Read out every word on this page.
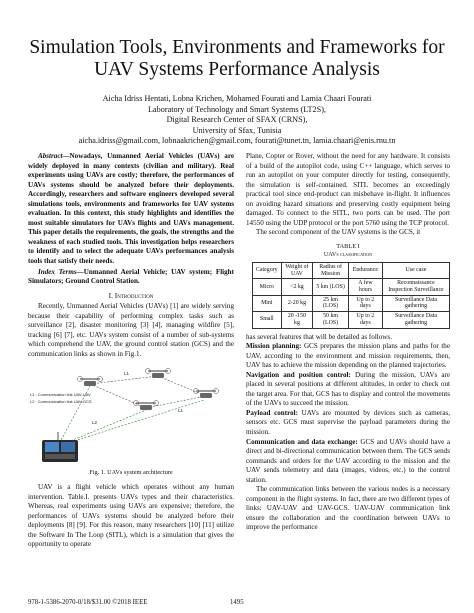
Simulation Tools, Environments and Frameworks for UAV Systems Performance Analysis
Aicha Idriss Hentati, Lobna Krichen, Mohamed Fourati and Lamia Chaari Fourati
Laboratory of Technology and Smart Systems (LT2S),
Digital Research Center of SFAX (CRNS),
University of Sfax, Tunisia
aicha.idriss@gmail.com, lobnaakrichen@gmail.com, fourati@tunet.tn, lamia.chaari@enis.rnu.tn

Abstract—Nowadays, Unmanned Aerial Vehicles (UAVs) are widely deployed in many contexts (civilian and military). Real experiments using UAVs are costly; therefore, the performances of UAVs systems should be analyzed before their deployments. Accordingly, researchers and software engineers developed several simulations tools, environments and frameworks for UAV systems evaluation. In this context, this study highlights and identifies the most suitable simulators for UAVs flights and UAVs management. This paper details the requirements, the goals, the strengths and the weakness of each studied tools. This investigation helps researchers to identify and to select the adequate UAVs performances analysis tools that satisfy their needs.

Index Terms—Unmanned Aerial Vehicle; UAV system; Flight Simulators; Ground Control Station.

I. Introduction

Recently, Unmanned Aerial Vehicles (UAVs) [1] are widely serving because their capability of performing complex tasks such as surveillance [2], disaster monitoring [3] [4], managing wildfire [5], tracking [6] [7], etc. UAVs system consist of a number of sub-systems which comprehend the UAV, the ground control station (GCS) and the communication links as shown in Fig.1.

L1
L1
L2
L1 : Communication link UAV-UAV
L2 : Communication link UAV-GCS

Fig. 1. UAVs system architecture

UAV is a flight vehicle which operates without any human intervention. Table.I. presents UAVs types and their characteristics. Whereas, real experiments using UAVs are expensive; therefore, the performances of UAVs systems should be analyzed before their deployments [8] [9]. For this reason, many researchers [10] [11] utilize the Software In The Loop (SITL), which is a simulation that gives the opportunity to operate

Plane, Copter or Rover, without the need for any hardware. It consists of a build of the autopilot code, using C++ language, which serves to run an autopilot on your computer directly for testing, consequently, the simulation is self-contained. SITL becomes an exceedingly practical tool since end-product can misbehave in-flight. It influences on avoiding hazard situations and preserving costly equipment being damaged. To connect to the SITL, two ports can be used. The port 14550 using the UDP protocol or the port 5760 using the TCP protocol.

The second component of the UAV systems is the GCS, it

TABLE I

UAVs classification

Category	Weight of UAV	Radius of Mission	Endurance	Use case
Micro	<2 kg	5 km (LOS)	A few hours	Reconnaissance Inspection Surveillance
Mini	2-20 kg	25 km (LOS)	Up to 2 days	Surveillance Data gathering
Small	20 -150 kg	50 km (LOS)	Up to 2 days	Surveillance Data gathering

has several features that will be detailed as follows.

Mission planning: GCS prepares the mission plans and paths for the UAV, according to the environment and mission requirements, then, UAV has to achieve the mission depending on the planned trajectories.

Navigation and position control: During the mission, UAVs are placed in several positions at different altitudes, in order to check out the target area. For that, GCS has to display and control the movements of the UAVs to succeed the mission.

Payload control: UAVs are mounted by devices such as cameras, sensors etc. GCS must supervise the payload parameters during the mission.

Communication and data exchange: GCS and UAVs should have a direct and bi-directional communication between them. The GCS sends commands and orders for the UAV according to the mission and the UAV sends telemetry and data (images, videos, etc.) to the control station.

The communication links between the various nodes is a necessary component in the flight systems. In fact, there are two different types of links: UAV-UAV and UAV-GCS. UAV-UAV communication link ensure the collaboration and the coordination between UAVs to improve the performance

978-1-5386-2070-0/18/$31.00 ©2018 IEEE	1495
